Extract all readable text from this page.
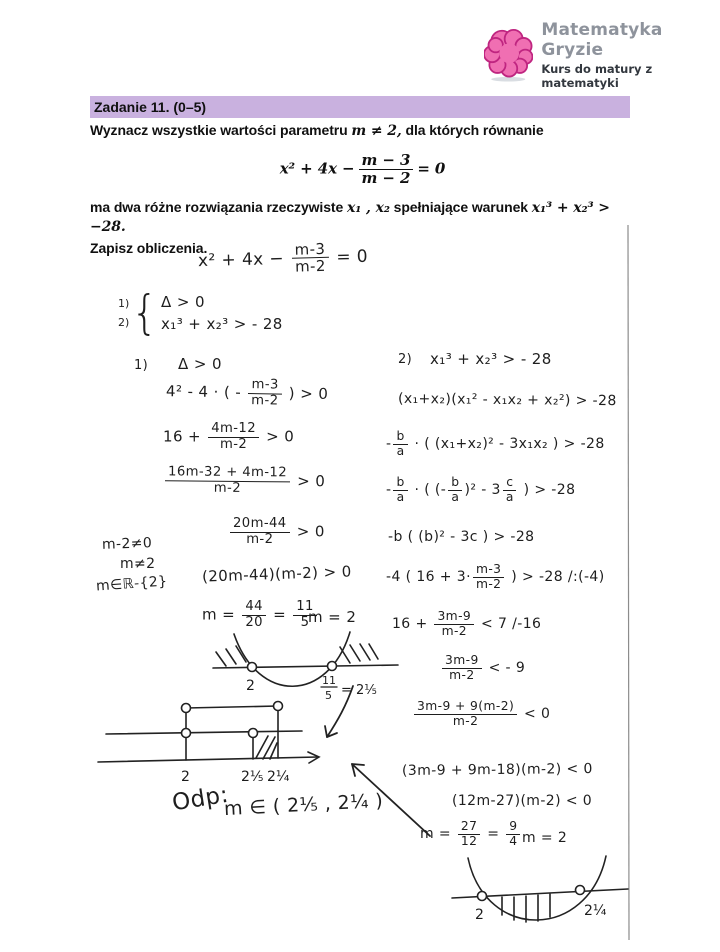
Matematyka Gryzie
Kurs do matury z matematyki
Zadanie 11. (0–5)
Wyznacz wszystkie wartości parametru m ≠ 2, dla których równanie
$x^2 + 4x - \frac{m - 3}{m - 2} = 0$
ma dwa różne rozwiązania rzeczywiste x₁ , x₂ spełniające warunek x₁³ + x₂³ > −28.
Zapisz obliczenia.
$x^2 + 4x - \frac{m-3}{m-2} = 0$
1)
2) { Δ > 0
x₁³ + x₂³ > - 28
1) Δ > 0
4² - 4 · ( - $\frac{m-3}{m-2}$ ) > 0
$16 + \frac{4m-12}{m-2} > 0$
$\frac{16m-32 + 4m-12}{m-2} > 0$
$\frac{20m-44}{m-2} > 0$
(20m-44)(m-2) > 0
$m = \frac{44}{20} = \frac{11}{5}$
m = 2
m-2≠0
m≠2
m∈ℝ-{2}
Odp:
m ∈ ( 2⅕ , 2¼ )
2) x₁³ + x₂³ > - 28
(x₁+x₂)(x₁² - x₁x₂ + x₂²) > -28
- $\frac{b}{a}$ · ( (x₁+x₂)² - 3x₁x₂ ) > -28
- $\frac{b}{a}$ · ( (- $\frac{b}{a} )^2 - 3 \frac{c}{a}$ ) > -28
-b ( (b)² - 3c ) > -28
-4 ( $16 + 3\cdot \frac{m-3}{m-2}$ ) > -28 /:(-4)
$16 + \frac{3m-9}{m-2} < 7$ /-16
$\frac{3m-9}{m-2}$ < - 9
$\frac{3m-9 + 9(m-2)}{m-2} < 0$
(3m-9 + 9m-18)(m-2) < 0
(12m-27)(m-2) < 0
$m = \frac{27}{12} = \frac{9}{4}$ m = 2
2	11
5 = 2⅕
2	2⅕ 2¼
2	2¼
